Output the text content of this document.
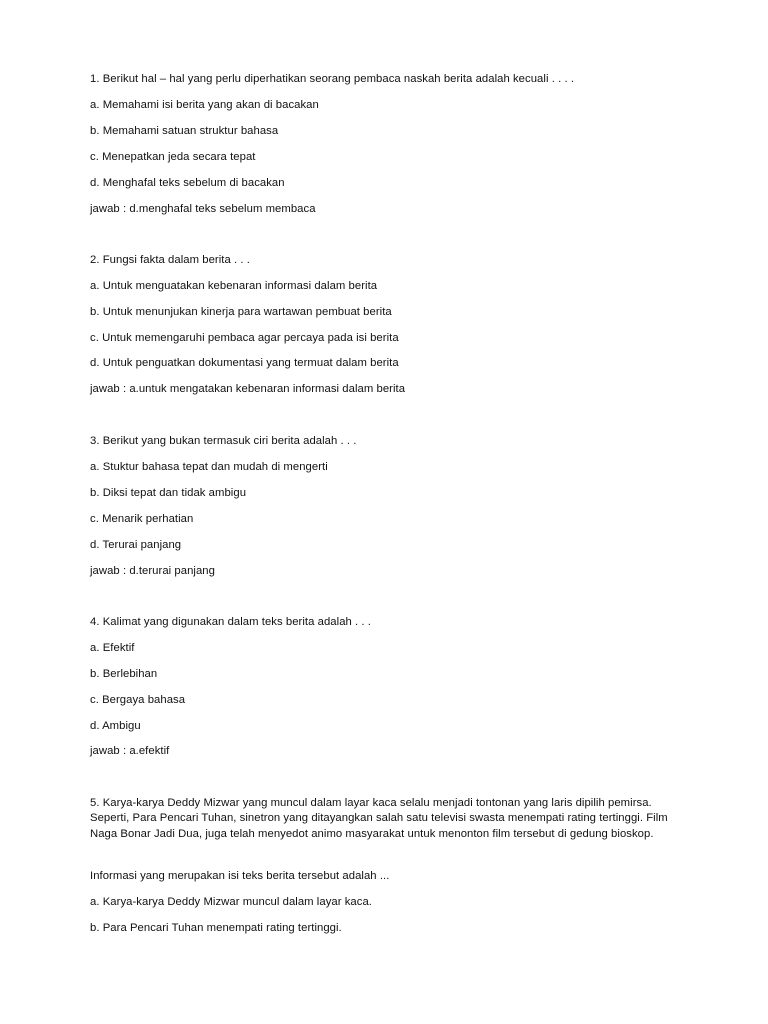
1. Berikut hal – hal yang perlu diperhatikan seorang pembaca naskah berita adalah kecuali . . . .
a. Memahami isi berita yang akan di bacakan
b. Memahami satuan struktur bahasa
c. Menepatkan jeda secara tepat
d. Menghafal teks sebelum di bacakan
jawab : d.menghafal teks sebelum membaca
2. Fungsi fakta dalam berita . . .
a. Untuk menguatakan kebenaran informasi dalam berita
b. Untuk menunjukan kinerja para wartawan pembuat berita
c. Untuk memengaruhi pembaca agar percaya pada isi berita
d. Untuk penguatkan dokumentasi yang termuat dalam berita
jawab : a.untuk mengatakan kebenaran informasi dalam berita
3. Berikut yang bukan termasuk ciri berita adalah . . .
a. Stuktur bahasa tepat dan mudah di mengerti
b. Diksi tepat dan tidak ambigu
c. Menarik perhatian
d. Terurai panjang
jawab : d.terurai panjang
4. Kalimat yang digunakan dalam teks berita adalah . . .
a. Efektif
b. Berlebihan
c. Bergaya bahasa
d. Ambigu
jawab : a.efektif
5. Karya-karya Deddy Mizwar yang muncul dalam layar kaca selalu menjadi tontonan yang laris dipilih pemirsa. Seperti, Para Pencari Tuhan, sinetron yang ditayangkan salah satu televisi swasta menempati rating tertinggi. Film Naga Bonar Jadi Dua, juga telah menyedot animo masyarakat untuk menonton film tersebut di gedung bioskop.
Informasi yang merupakan isi teks berita tersebut adalah ...
a. Karya-karya Deddy Mizwar muncul dalam layar kaca.
b. Para Pencari Tuhan menempati rating tertinggi.
